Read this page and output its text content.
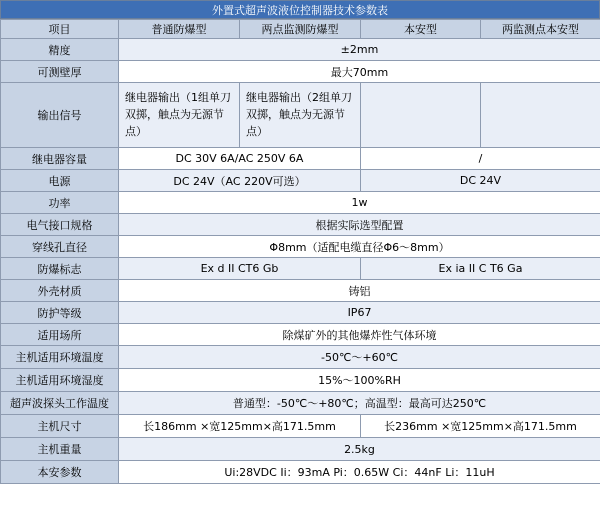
外置式超声波液位控制器技术参数表
项目	普通防爆型	两点监测防爆型	本安型	两监测点本安型
精度	±2mm			
可测壁厚	最大70mm			
输出信号	继电器输出（1组单刀双掷，触点为无源节点）	继电器输出（2组单刀双掷，触点为无源节点）		
继电器容量	DC 30V 6A/AC 250V 6A		/	
电源	DC 24V（AC 220V可选）		DC 24V	
功率	1w			
电气接口规格	根据实际选型配置			
穿线孔直径	Φ8mm（适配电缆直径Φ6～8mm）			
防爆标志	Ex d II CT6 Gb		Ex ia II C T6 Ga	
外壳材质	铸铝			
防护等级	IP67			
适用场所	除煤矿外的其他爆炸性气体环境			
主机适用环境温度	-50℃～+60℃			
主机适用环境湿度	15%～100%RH			
超声波探头工作温度	普通型：-50℃～+80℃；高温型：最高可达250℃			
主机尺寸	长186mm ×宽125mm×高171.5mm		长236mm ×宽125mm×高171.5mm	
主机重量	2.5kg			
本安参数	Ui:28VDC Ii：93mA Pi：0.65W Ci：44nF Li：11uH			
